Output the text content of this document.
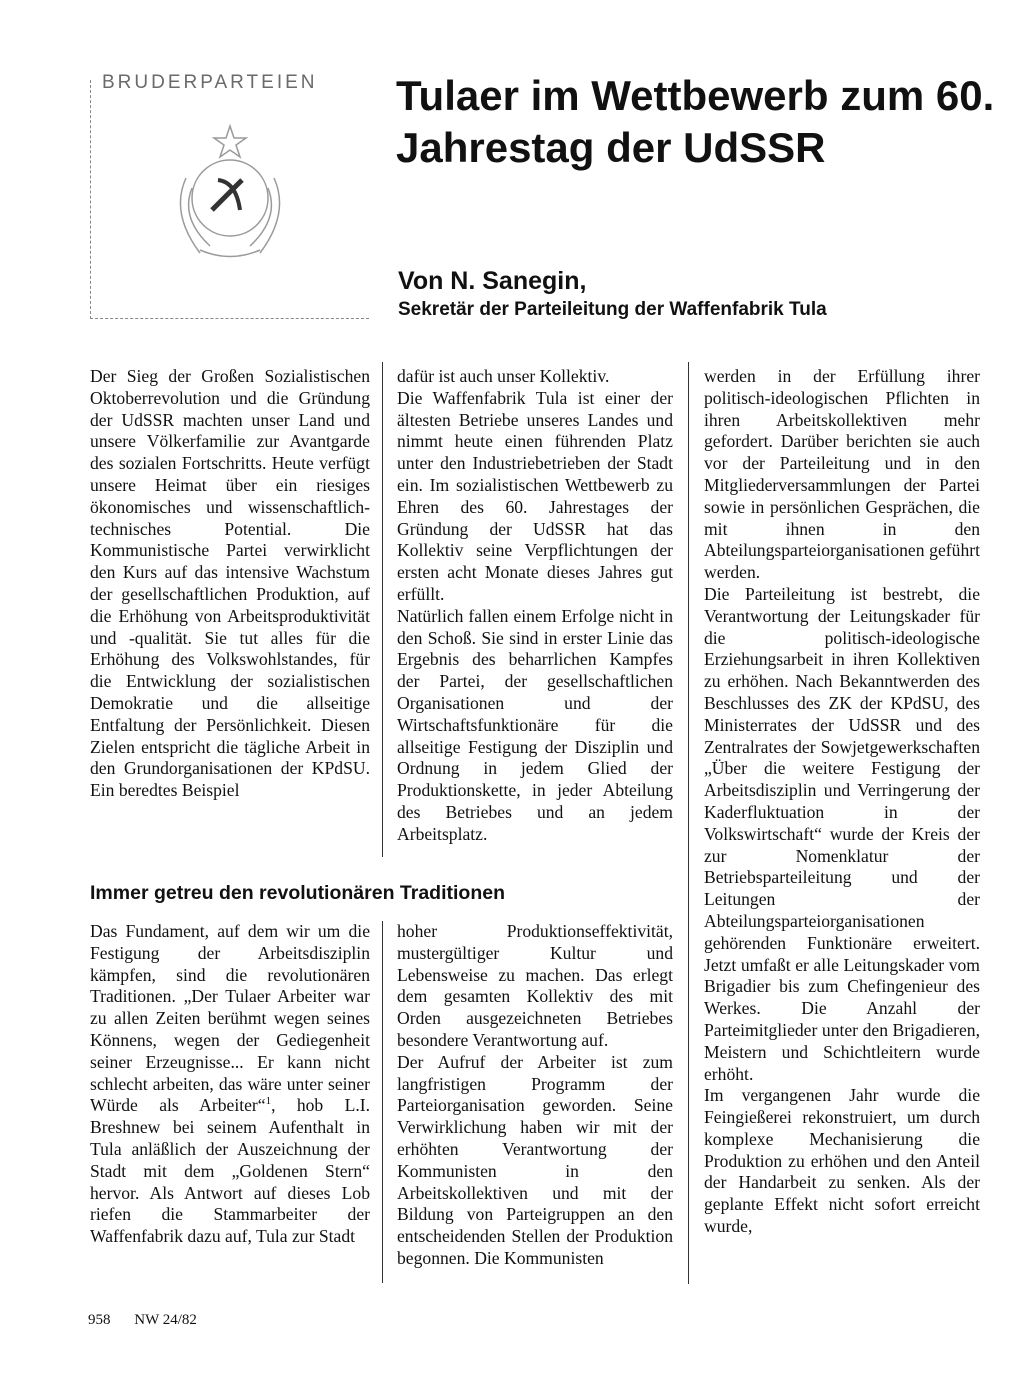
BRUDERPARTEIEN Tulaer im Wettbewerb zum 60. Jahrestag der UdSSR
Von N. Sanegin,
Sekretär der Parteileitung der Waffenfabrik Tula

Der Sieg der Großen Sozialistischen Oktoberrevolution und die Gründung der UdSSR machten unser Land und unsere Völkerfamilie zur Avantgarde des sozialen Fortschritts. Heute verfügt unsere Heimat über ein riesiges ökonomisches und wissenschaftlich-technisches Potential. Die Kommunistische Partei verwirklicht den Kurs auf das intensive Wachstum der gesellschaftlichen Produktion, auf die Erhöhung von Arbeitsproduktivität und -qualität. Sie tut alles für die Erhöhung des Volkswohlstandes, für die Entwicklung der sozialistischen Demokratie und die allseitige Entfaltung der Persönlichkeit. Diesen Zielen entspricht die tägliche Arbeit in den Grundorganisationen der KPdSU. Ein beredtes Beispiel

dafür ist auch unser Kollektiv.

Die Waffenfabrik Tula ist einer der ältesten Betriebe unseres Landes und nimmt heute einen führenden Platz unter den Industriebetrieben der Stadt ein. Im sozialistischen Wettbewerb zu Ehren des 60. Jahrestages der Gründung der UdSSR hat das Kollektiv seine Verpflichtungen der ersten acht Monate dieses Jahres gut erfüllt.

Natürlich fallen einem Erfolge nicht in den Schoß. Sie sind in erster Linie das Ergebnis des beharrlichen Kampfes der Partei, der gesellschaftlichen Organisationen und der Wirtschaftsfunktionäre für die allseitige Festigung der Disziplin und Ordnung in jedem Glied der Produktionskette, in jeder Abteilung des Betriebes und an jedem Arbeitsplatz.

Immer getreu den revolutionären Traditionen

Das Fundament, auf dem wir um die Festigung der Arbeitsdisziplin kämpfen, sind die revolutionären Traditionen. „Der Tulaer Arbeiter war zu allen Zeiten berühmt wegen seines Könnens, wegen der Gediegenheit seiner Erzeugnisse... Er kann nicht schlecht arbeiten, das wäre unter seiner Würde als Arbeiter“$^1$, hob L.I. Breshnew bei seinem Aufenthalt in Tula anläßlich der Auszeichnung der Stadt mit dem „Goldenen Stern“ hervor. Als Antwort auf dieses Lob riefen die Stammarbeiter der Waffenfabrik dazu auf, Tula zur Stadt

hoher Produktionseffektivität, mustergültiger Kultur und Lebensweise zu machen. Das erlegt dem gesamten Kollektiv des mit Orden ausgezeichneten Betriebes besondere Verantwortung auf.

Der Aufruf der Arbeiter ist zum langfristigen Programm der Parteiorganisation geworden. Seine Verwirklichung haben wir mit der erhöhten Verantwortung der Kommunisten in den Arbeitskollektiven und mit der Bildung von Parteigruppen an den entscheidenden Stellen der Produktion begonnen. Die Kommunisten

werden in der Erfüllung ihrer politisch-ideologischen Pflichten in ihren Arbeitskollektiven mehr gefordert. Darüber berichten sie auch vor der Parteileitung und in den Mitgliederversammlungen der Partei sowie in persönlichen Gesprächen, die mit ihnen in den Abteilungsparteiorganisationen geführt werden.

Die Parteileitung ist bestrebt, die Verantwortung der Leitungskader für die politisch-ideologische Erziehungsarbeit in ihren Kollektiven zu erhöhen. Nach Bekanntwerden des Beschlusses des ZK der KPdSU, des Ministerrates der UdSSR und des Zentralrates der Sowjetgewerkschaften „Über die weitere Festigung der Arbeitsdisziplin und Verringerung der Kaderfluktuation in der Volkswirtschaft“ wurde der Kreis der zur Nomenklatur der Betriebsparteileitung und der Leitungen der Abteilungsparteiorganisationen gehörenden Funktionäre erweitert. Jetzt umfaßt er alle Leitungskader vom Brigadier bis zum Chefingenieur des Werkes. Die Anzahl der Parteimitglieder unter den Brigadieren, Meistern und Schichtleitern wurde erhöht.

Im vergangenen Jahr wurde die Feingießerei rekonstruiert, um durch komplexe Mechanisierung die Produktion zu erhöhen und den Anteil der Handarbeit zu senken. Als der geplante Effekt nicht sofort erreicht wurde,

958 NW 24/82
